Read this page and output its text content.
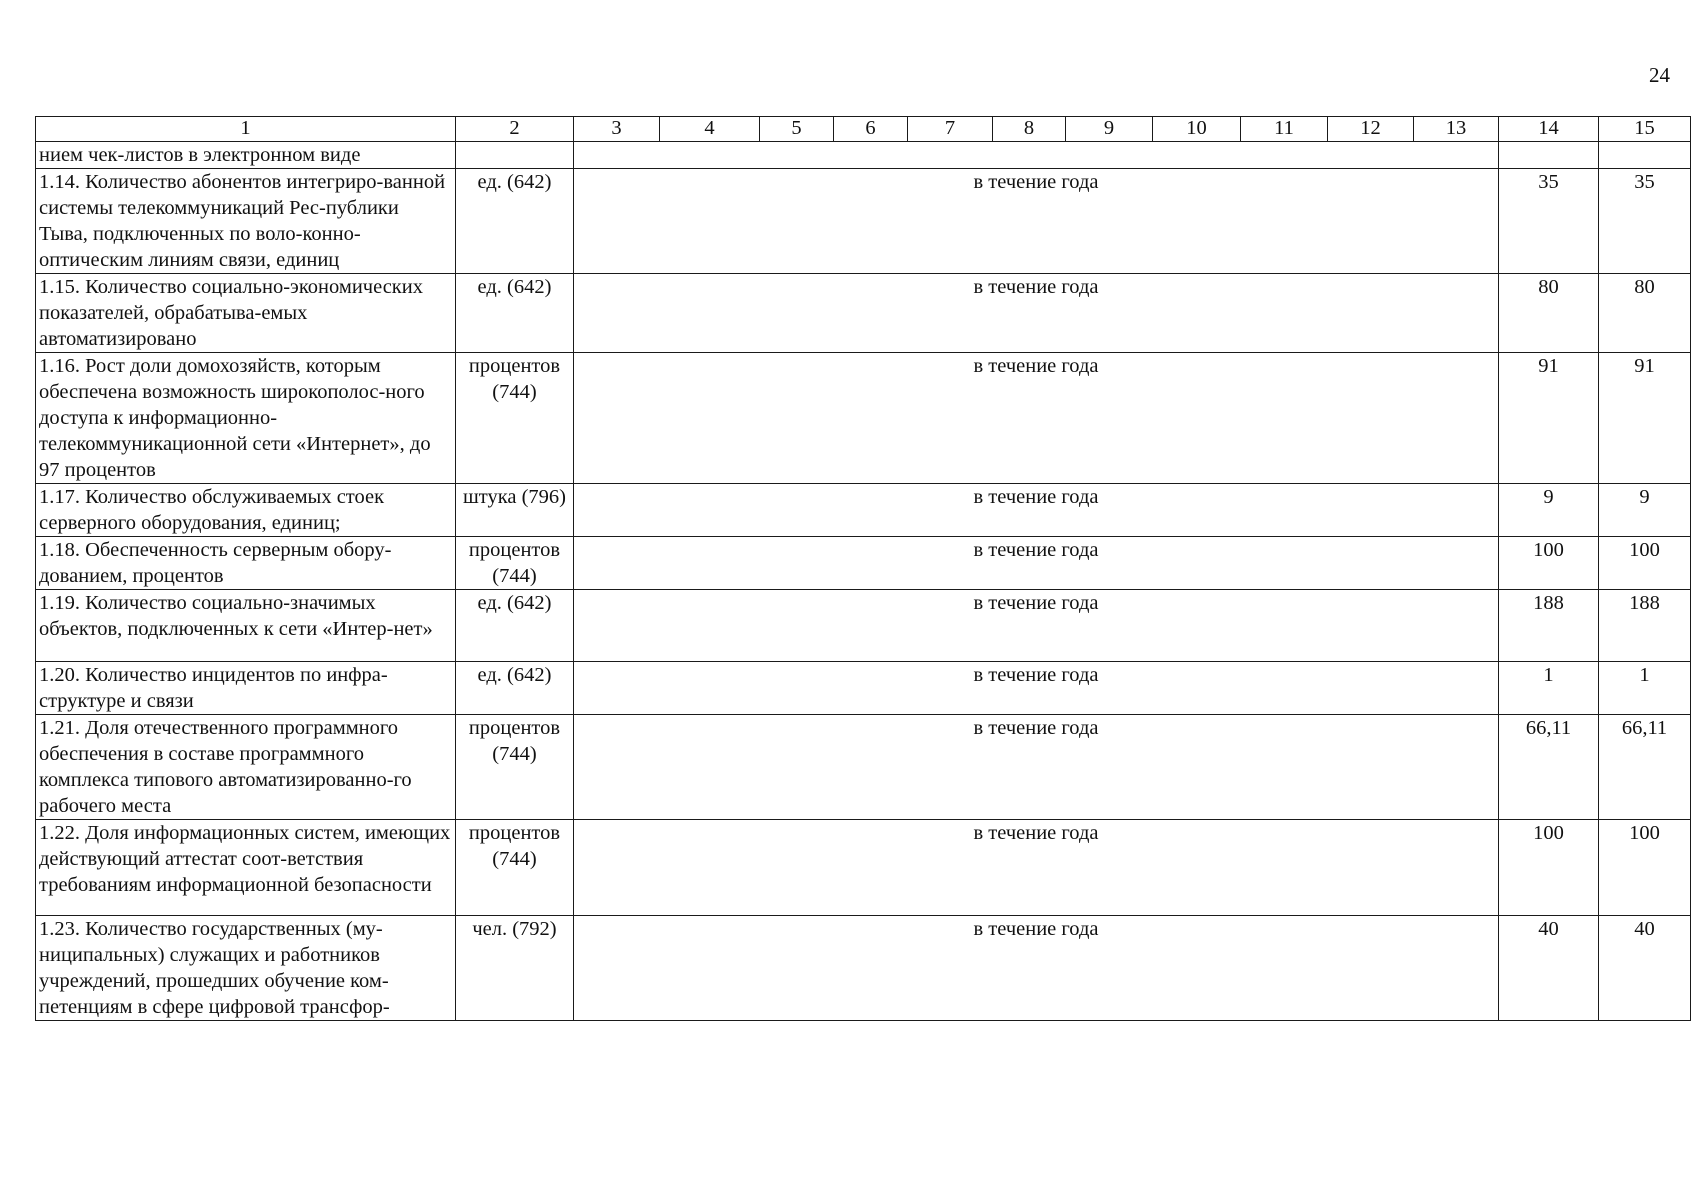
24
1	2	3	4	5	6	7	8	9	10	11	12	13	14	15
нием чек-листов в электронном виде														
1.14. Количество абонентов интегриро-ванной системы телекоммуникаций Рес-публики Тыва, подключенных по воло-конно-оптическим линиям связи, единиц	ед. (642)	в течение года											35	35
1.15. Количество социально-экономических показателей, обрабатыва-емых автоматизировано	ед. (642)	в течение года											80	80
1.16. Рост доли домохозяйств, которым обеспечена возможность широкополос-ного доступа к информационно-телекоммуникационной сети «Интернет», до 97 процентов	процентов (744)	в течение года											91	91
1.17. Количество обслуживаемых стоек серверного оборудования, единиц;	штука (796)	в течение года											9	9
1.18. Обеспеченность серверным обору-дованием, процентов	процентов (744)	в течение года											100	100
1.19. Количество социально-значимых объектов, подключенных к сети «Интер-нет»	ед. (642)	в течение года											188	188
1.20. Количество инцидентов по инфра-структуре и связи	ед. (642)	в течение года											1	1
1.21. Доля отечественного программного обеспечения в составе программного комплекса типового автоматизированно-го рабочего места	процентов (744)	в течение года											66,11	66,11
1.22. Доля информационных систем, имеющих действующий аттестат соот-ветствия требованиям информационной безопасности	процентов (744)	в течение года											100	100
1.23. Количество государственных (му-ниципальных) служащих и работников учреждений, прошедших обучение ком-петенциям в сфере цифровой трансфор-	чел. (792)	в течение года											40	40
